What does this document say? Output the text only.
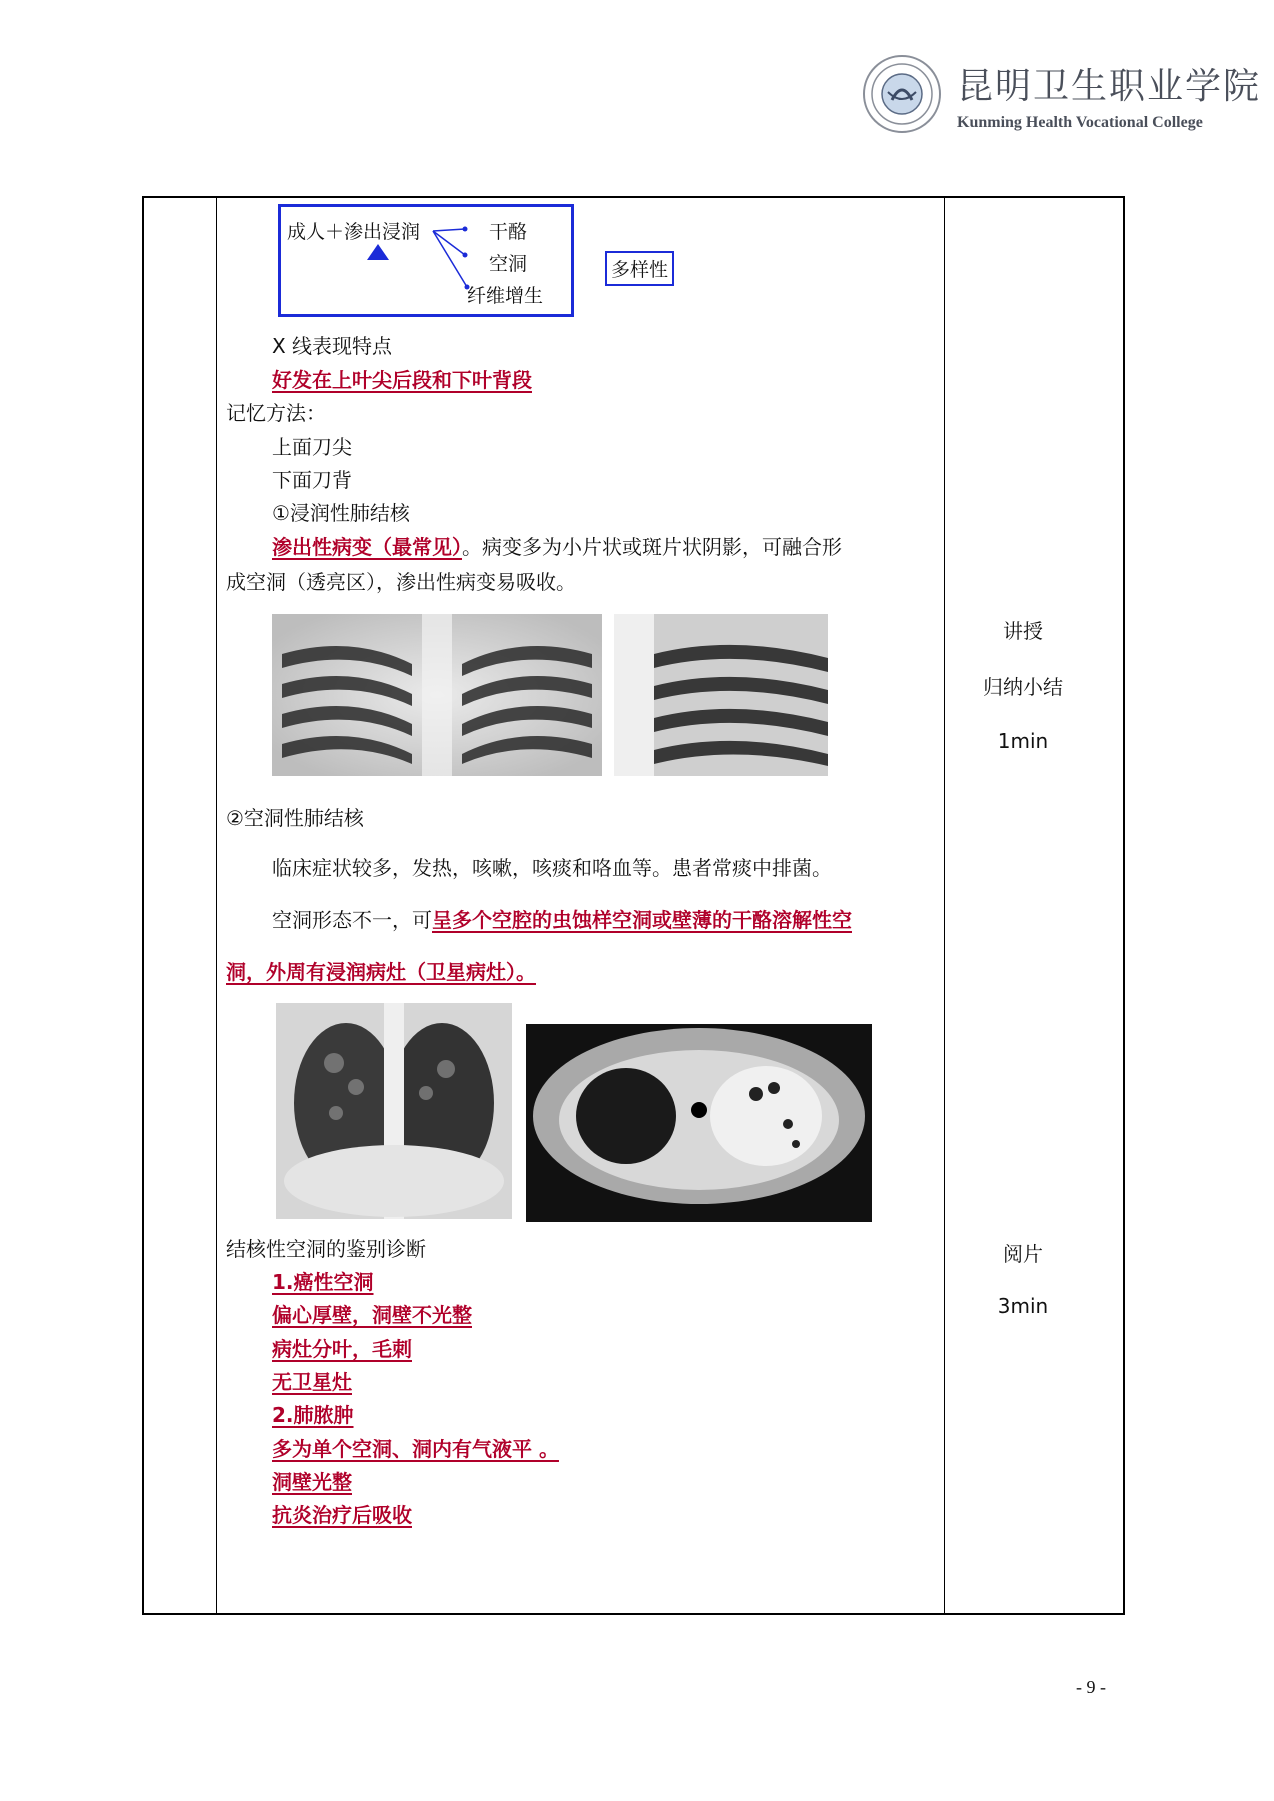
昆明卫生职业学院
Kunming Health Vocational College
成人＋渗出浸润	干酪
空洞
纤维增生
多样性
X 线表现特点
好发在上叶尖后段和下叶背段
记忆方法：
上面刀尖
下面刀背
①浸润性肺结核
渗出性病变（最常见）。病变多为小片状或斑片状阴影，可融合形
成空洞（透亮区），渗出性病变易吸收。
②空洞性肺结核
临床症状较多，发热，咳嗽，咳痰和咯血等。患者常痰中排菌。
空洞形态不一，可呈多个空腔的虫蚀样空洞或壁薄的干酪溶解性空
洞，外周有浸润病灶（卫星病灶）。
结核性空洞的鉴别诊断
1.癌性空洞
偏心厚壁，洞壁不光整
病灶分叶，毛刺
无卫星灶
2.肺脓肿
多为单个空洞、洞内有气液平 。
洞壁光整
抗炎治疗后吸收
讲授
归纳小结
1min
阅片
3min
- 9 -
